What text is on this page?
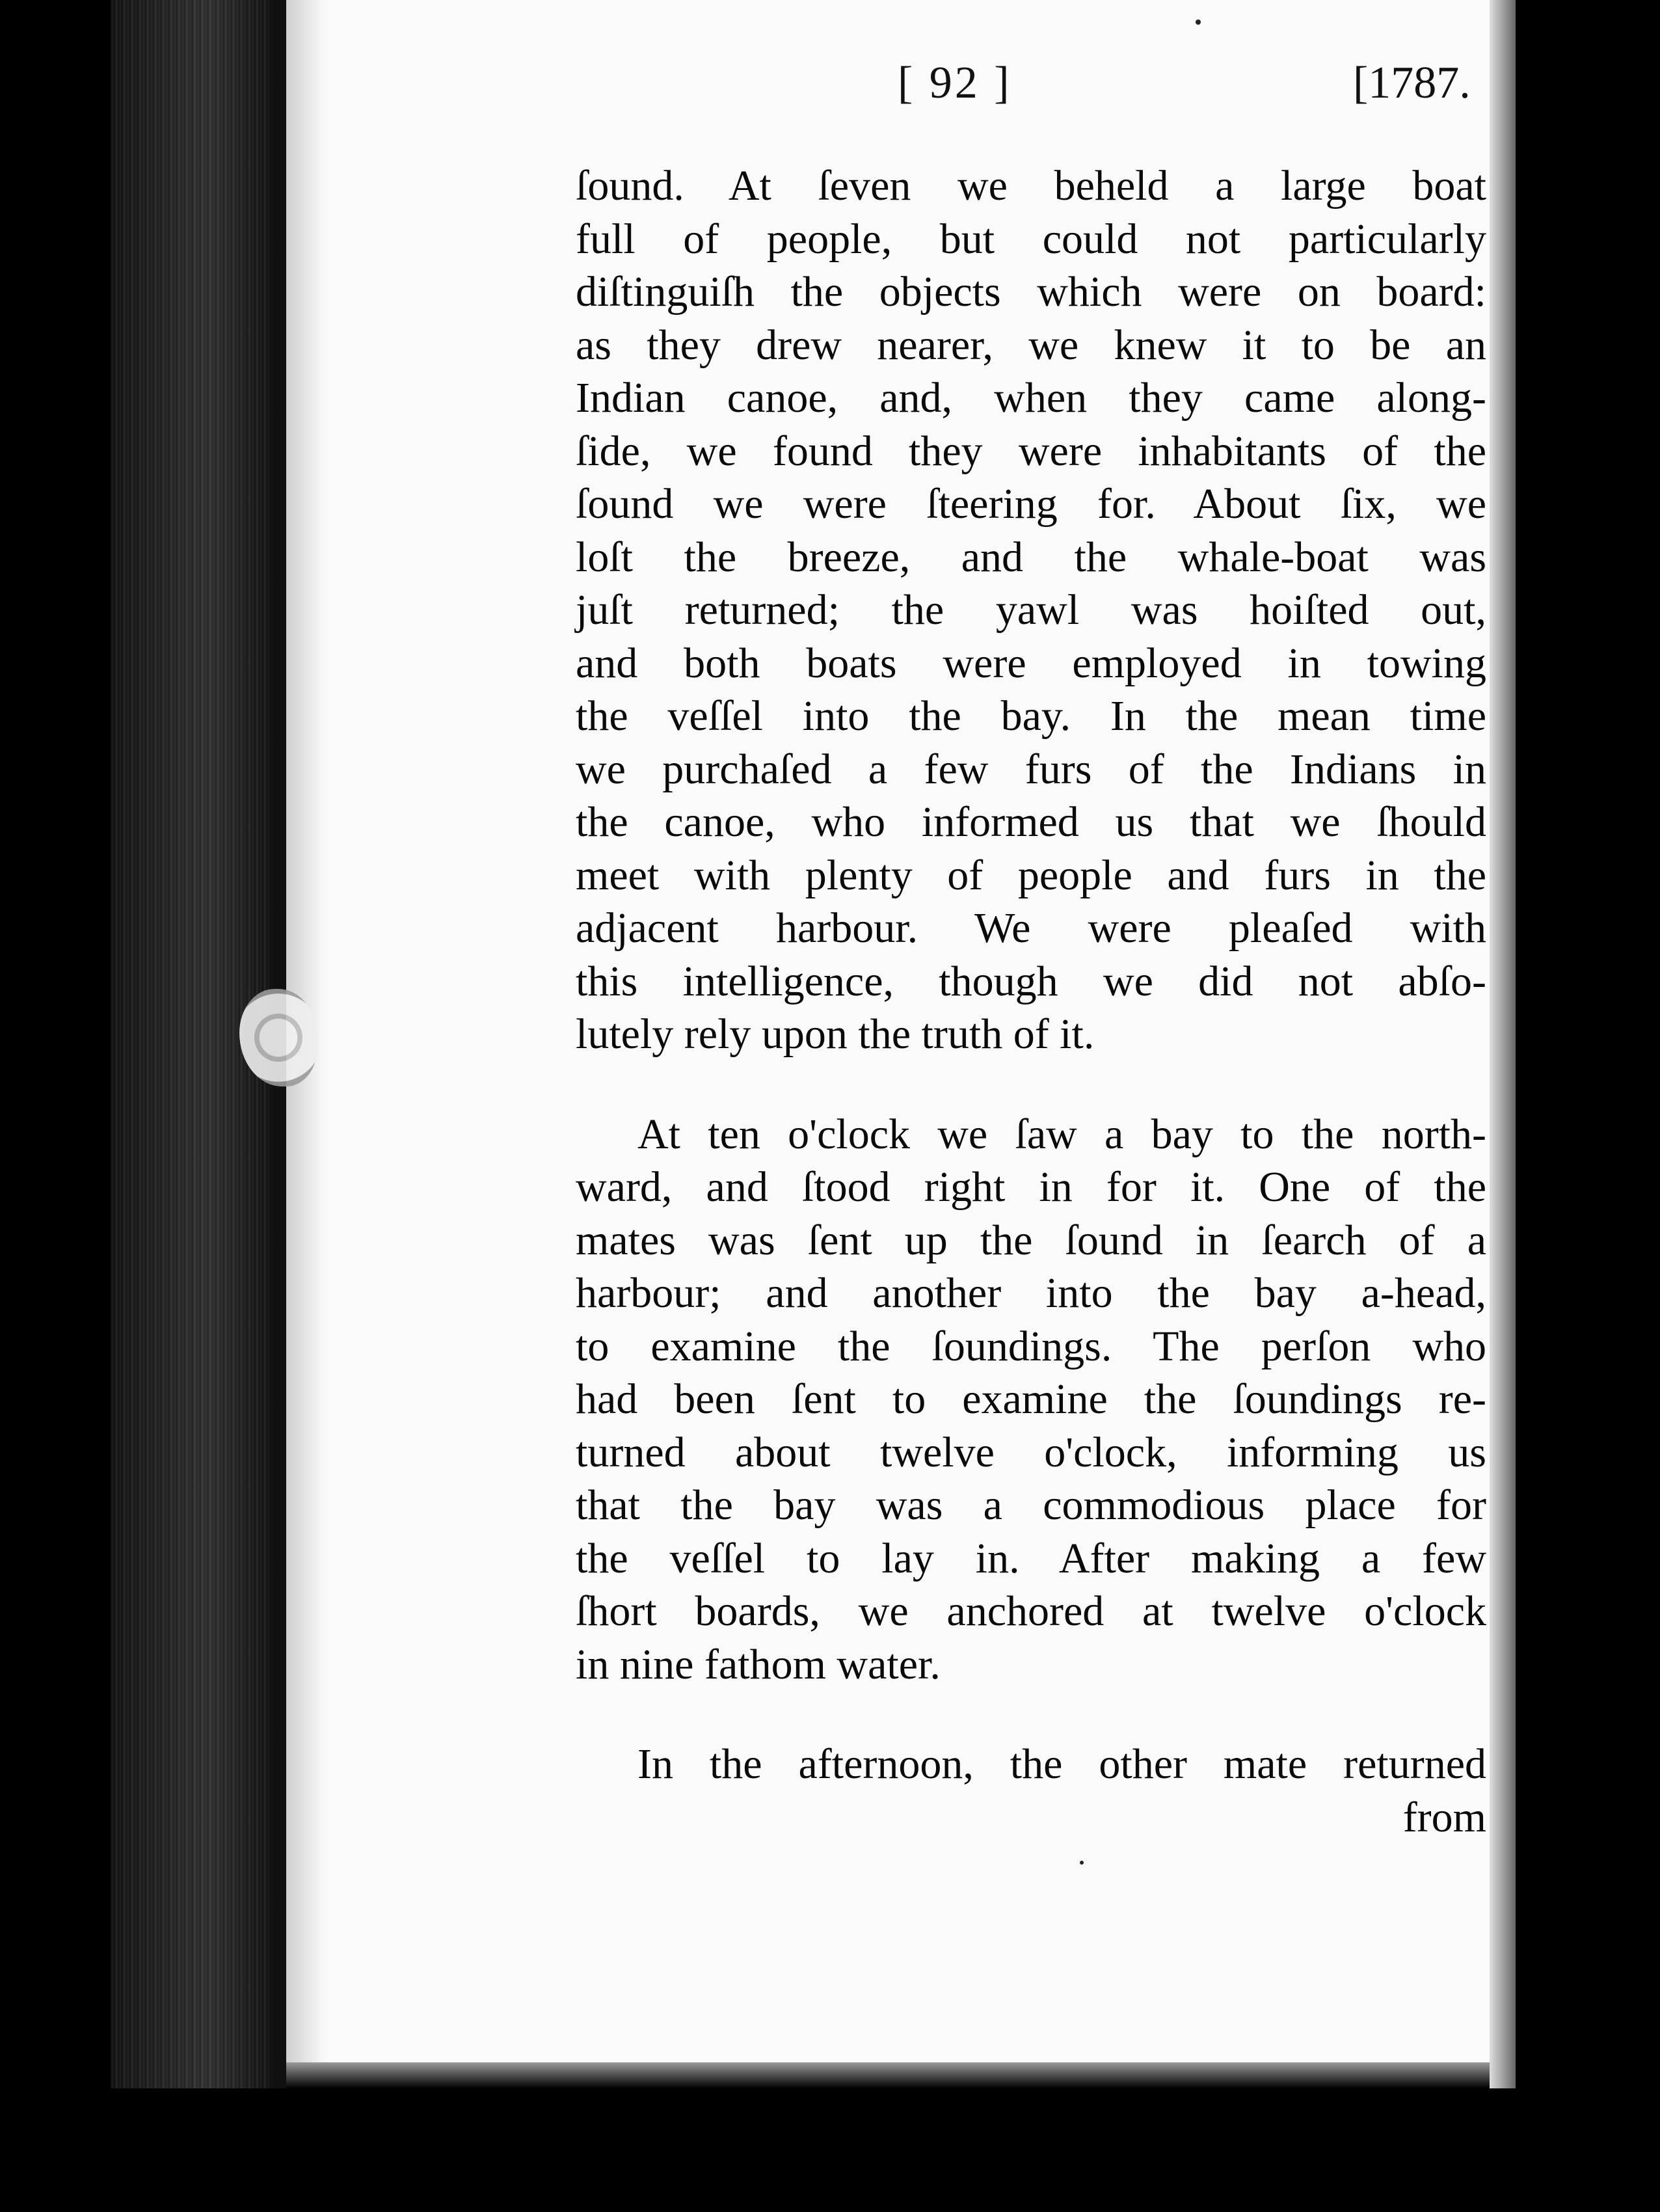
[ 92 ]	[1787.
ſound. At ſeven we beheld a large boat
full of people, but could not particularly
diſtinguiſh the objects which were on board:
as they drew nearer, we knew it to be an
Indian canoe, and, when they came along-
ſide, we found they were inhabitants of the
ſound we were ſteering for. About ſix, we
loſt the breeze, and the whale-boat was
juſt returned; the yawl was hoiſted out,
and both boats were employed in towing
the veſſel into the bay. In the mean time
we purchaſed a few furs of the Indians in
the canoe, who informed us that we ſhould
meet with plenty of people and furs in the
adjacent harbour. We were pleaſed with
this intelligence, though we did not abſo-
lutely rely upon the truth of it.
At ten o'clock we ſaw a bay to the north-
ward, and ſtood right in for it. One of the
mates was ſent up the ſound in ſearch of a
harbour; and another into the bay a-head,
to examine the ſoundings. The perſon who
had been ſent to examine the ſoundings re-
turned about twelve o'clock, informing us
that the bay was a commodious place for
the veſſel to lay in. After making a few
ſhort boards, we anchored at twelve o'clock
in nine fathom water.
In the afternoon, the other mate returned
from
